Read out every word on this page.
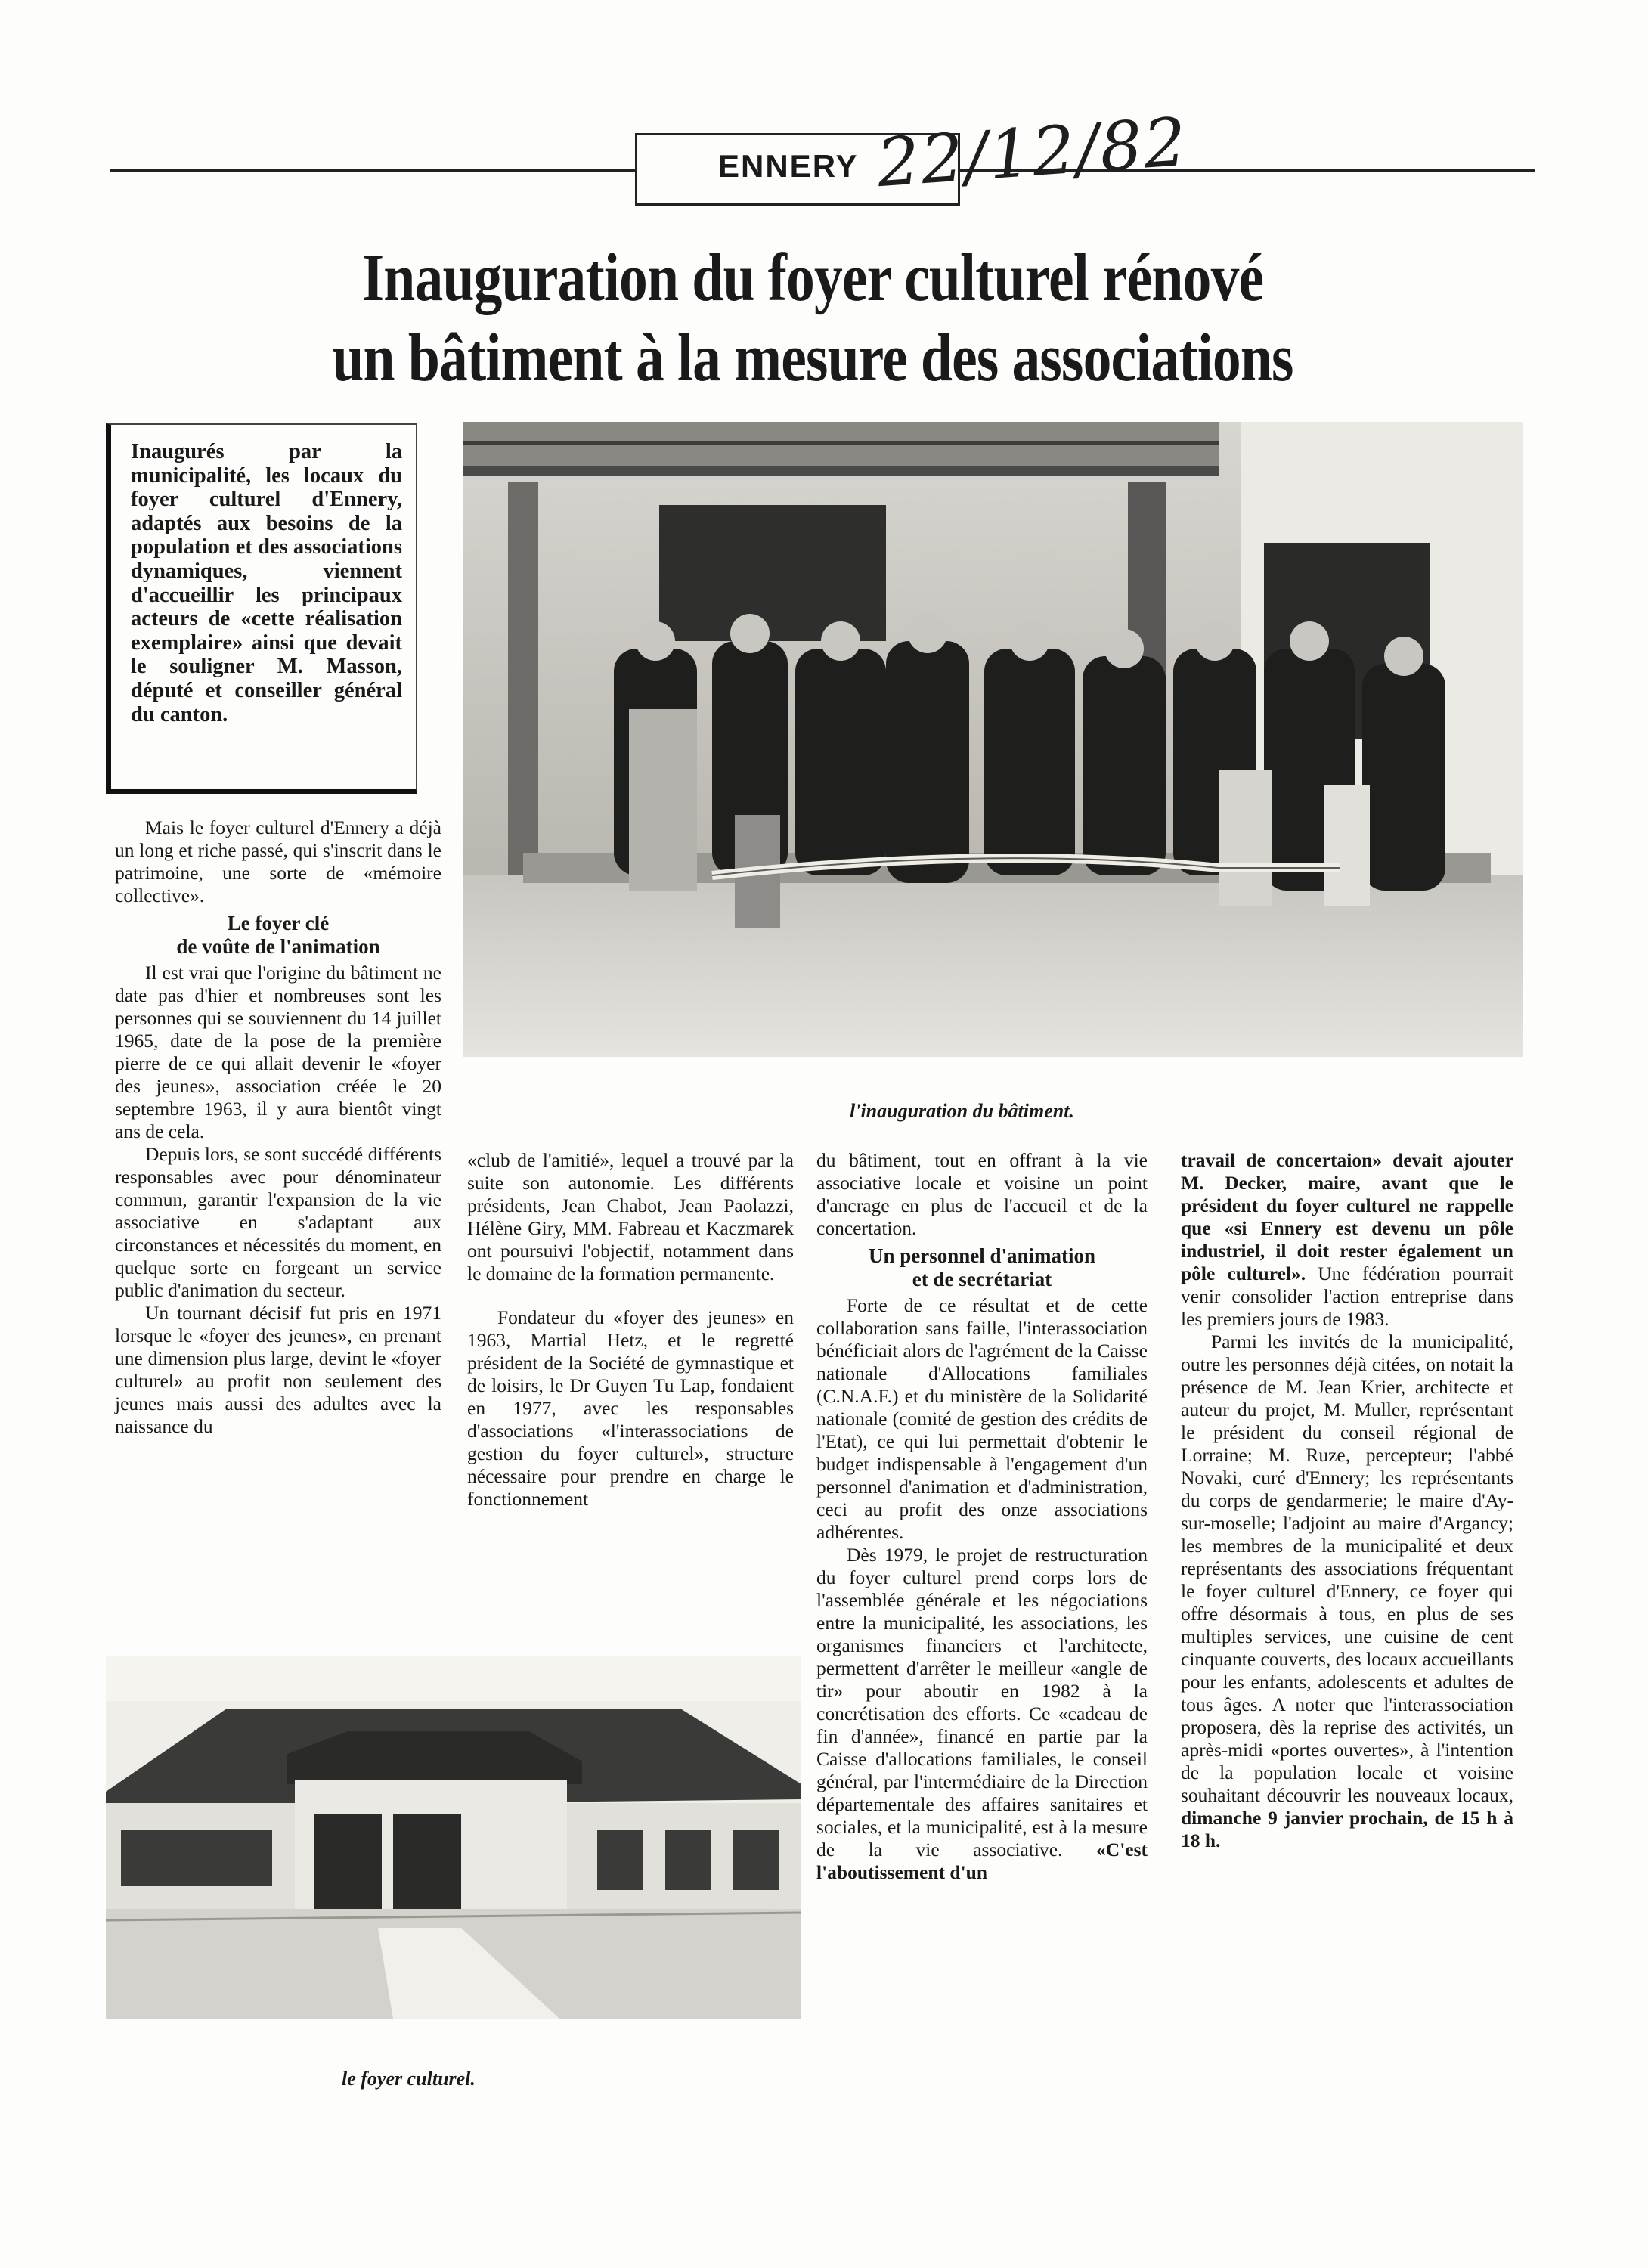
ENNERY 22/12/82
Inauguration du foyer culturel rénové
un bâtiment à la mesure des associations
Inaugurés par la municipalité, les locaux du foyer culturel d'Ennery, adaptés aux besoins de la population et des associations dynamiques, viennent d'accueillir les principaux acteurs de «cette réalisation exemplaire» ainsi que devait le souligner M. Masson, député et conseiller général du canton.
l'inauguration du bâtiment.

Mais le foyer culturel d'Ennery a déjà un long et riche passé, qui s'inscrit dans le patrimoine, une sorte de «mémoire collective».

Le foyer clé
de voûte de l'animation

Il est vrai que l'origine du bâtiment ne date pas d'hier et nombreuses sont les personnes qui se souviennent du 14 juillet 1965, date de la pose de la première pierre de ce qui allait devenir le «foyer des jeunes», association créée le 20 septembre 1963, il y aura bientôt vingt ans de cela.

Depuis lors, se sont succédé différents responsables avec pour dénominateur commun, garantir l'expansion de la vie associative en s'adaptant aux circonstances et nécessités du moment, en quelque sorte en forgeant un service public d'animation du secteur.

Un tournant décisif fut pris en 1971 lorsque le «foyer des jeunes», en prenant une dimension plus large, devint le «foyer culturel» au profit non seulement des jeunes mais aussi des adultes avec la naissance du

«club de l'amitié», lequel a trouvé par la suite son autonomie. Les différents présidents, Jean Chabot, Jean Paolazzi, Hélène Giry, MM. Fabreau et Kaczmarek ont poursuivi l'objectif, notamment dans le domaine de la formation permanente.

Fondateur du «foyer des jeunes» en 1963, Martial Hetz, et le regretté président de la Société de gymnastique et de loisirs, le Dr Guyen Tu Lap, fondaient en 1977, avec les responsables d'associations «l'interassociations de gestion du foyer culturel», structure nécessaire pour prendre en charge le fonctionnement

du bâtiment, tout en offrant à la vie associative locale et voisine un point d'ancrage en plus de l'accueil et de la concertation.

Un personnel d'animation
et de secrétariat

Forte de ce résultat et de cette collaboration sans faille, l'interassociation bénéficiait alors de l'agrément de la Caisse nationale d'Allocations familiales (C.N.A.F.) et du ministère de la Solidarité nationale (comité de gestion des crédits de l'Etat), ce qui lui permettait d'obtenir le budget indispensable à l'engagement d'un personnel d'animation et d'administration, ceci au profit des onze associations adhérentes.

Dès 1979, le projet de restructuration du foyer culturel prend corps lors de l'assemblée générale et les négociations entre la municipalité, les associations, les organismes financiers et l'architecte, permettent d'arrêter le meilleur «angle de tir» pour aboutir en 1982 à la concrétisation des efforts. Ce «cadeau de fin d'année», financé en partie par la Caisse d'allocations familiales, le conseil général, par l'intermédiaire de la Direction départementale des affaires sanitaires et sociales, et la municipalité, est à la mesure de la vie associative. «C'est l'aboutissement d'un

travail de concertaion» devait ajouter M. Decker, maire, avant que le président du foyer culturel ne rappelle que «si Ennery est devenu un pôle industriel, il doit rester également un pôle culturel». Une fédération pourrait venir consolider l'action entreprise dans les premiers jours de 1983.

Parmi les invités de la municipalité, outre les personnes déjà citées, on notait la présence de M. Jean Krier, architecte et auteur du projet, M. Muller, représentant le président du conseil régional de Lorraine; M. Ruze, percepteur; l'abbé Novaki, curé d'Ennery; les représentants du corps de gendarmerie; le maire d'Ay-sur-moselle; l'adjoint au maire d'Argancy; les membres de la municipalité et deux représentants des associations fréquentant le foyer culturel d'Ennery, ce foyer qui offre désormais à tous, en plus de ses multiples services, une cuisine de cent cinquante couverts, des locaux accueillants pour les enfants, adolescents et adultes de tous âges. A noter que l'interassociation proposera, dès la reprise des activités, un après-midi «portes ouvertes», à l'intention de la population locale et voisine souhaitant découvrir les nouveaux locaux, dimanche 9 janvier prochain, de 15 h à 18 h.

le foyer culturel.
